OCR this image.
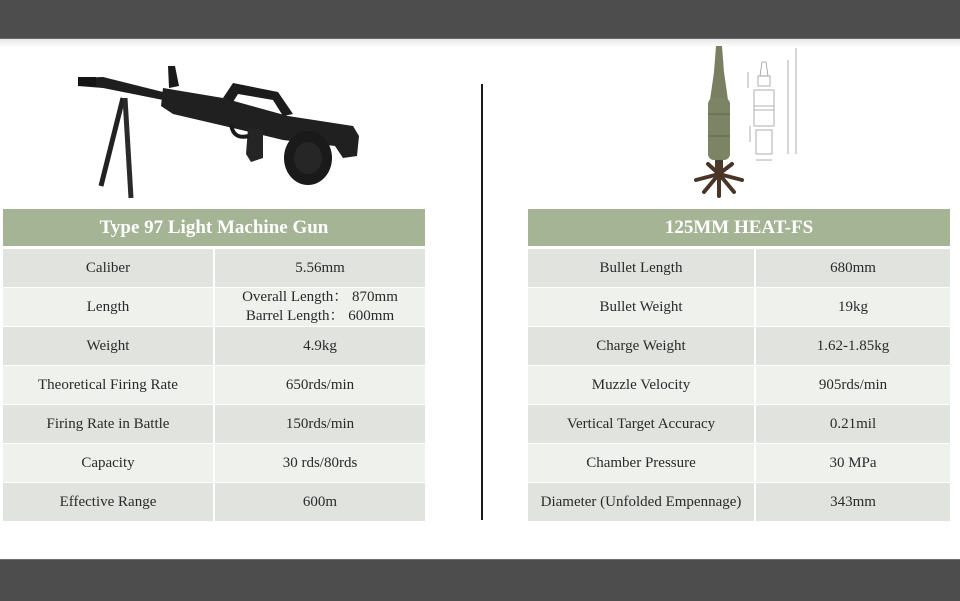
Type 97 Light Machine Gun
Caliber	5.56mm
Length
Overall Length： 870mm
Barrel Length： 600mm
Weight	4.9kg
Theoretical Firing Rate	650rds/min
Firing Rate in Battle	150rds/min
Capacity	30 rds/80rds
Effective Range	600m
125MM HEAT-FS
Bullet Length	680mm
Bullet Weight	19kg
Charge Weight	1.62-1.85kg
Muzzle Velocity	905rds/min
Vertical Target Accuracy	0.21mil
Chamber Pressure	30 MPa
Diameter (Unfolded Empennage)	343mm
